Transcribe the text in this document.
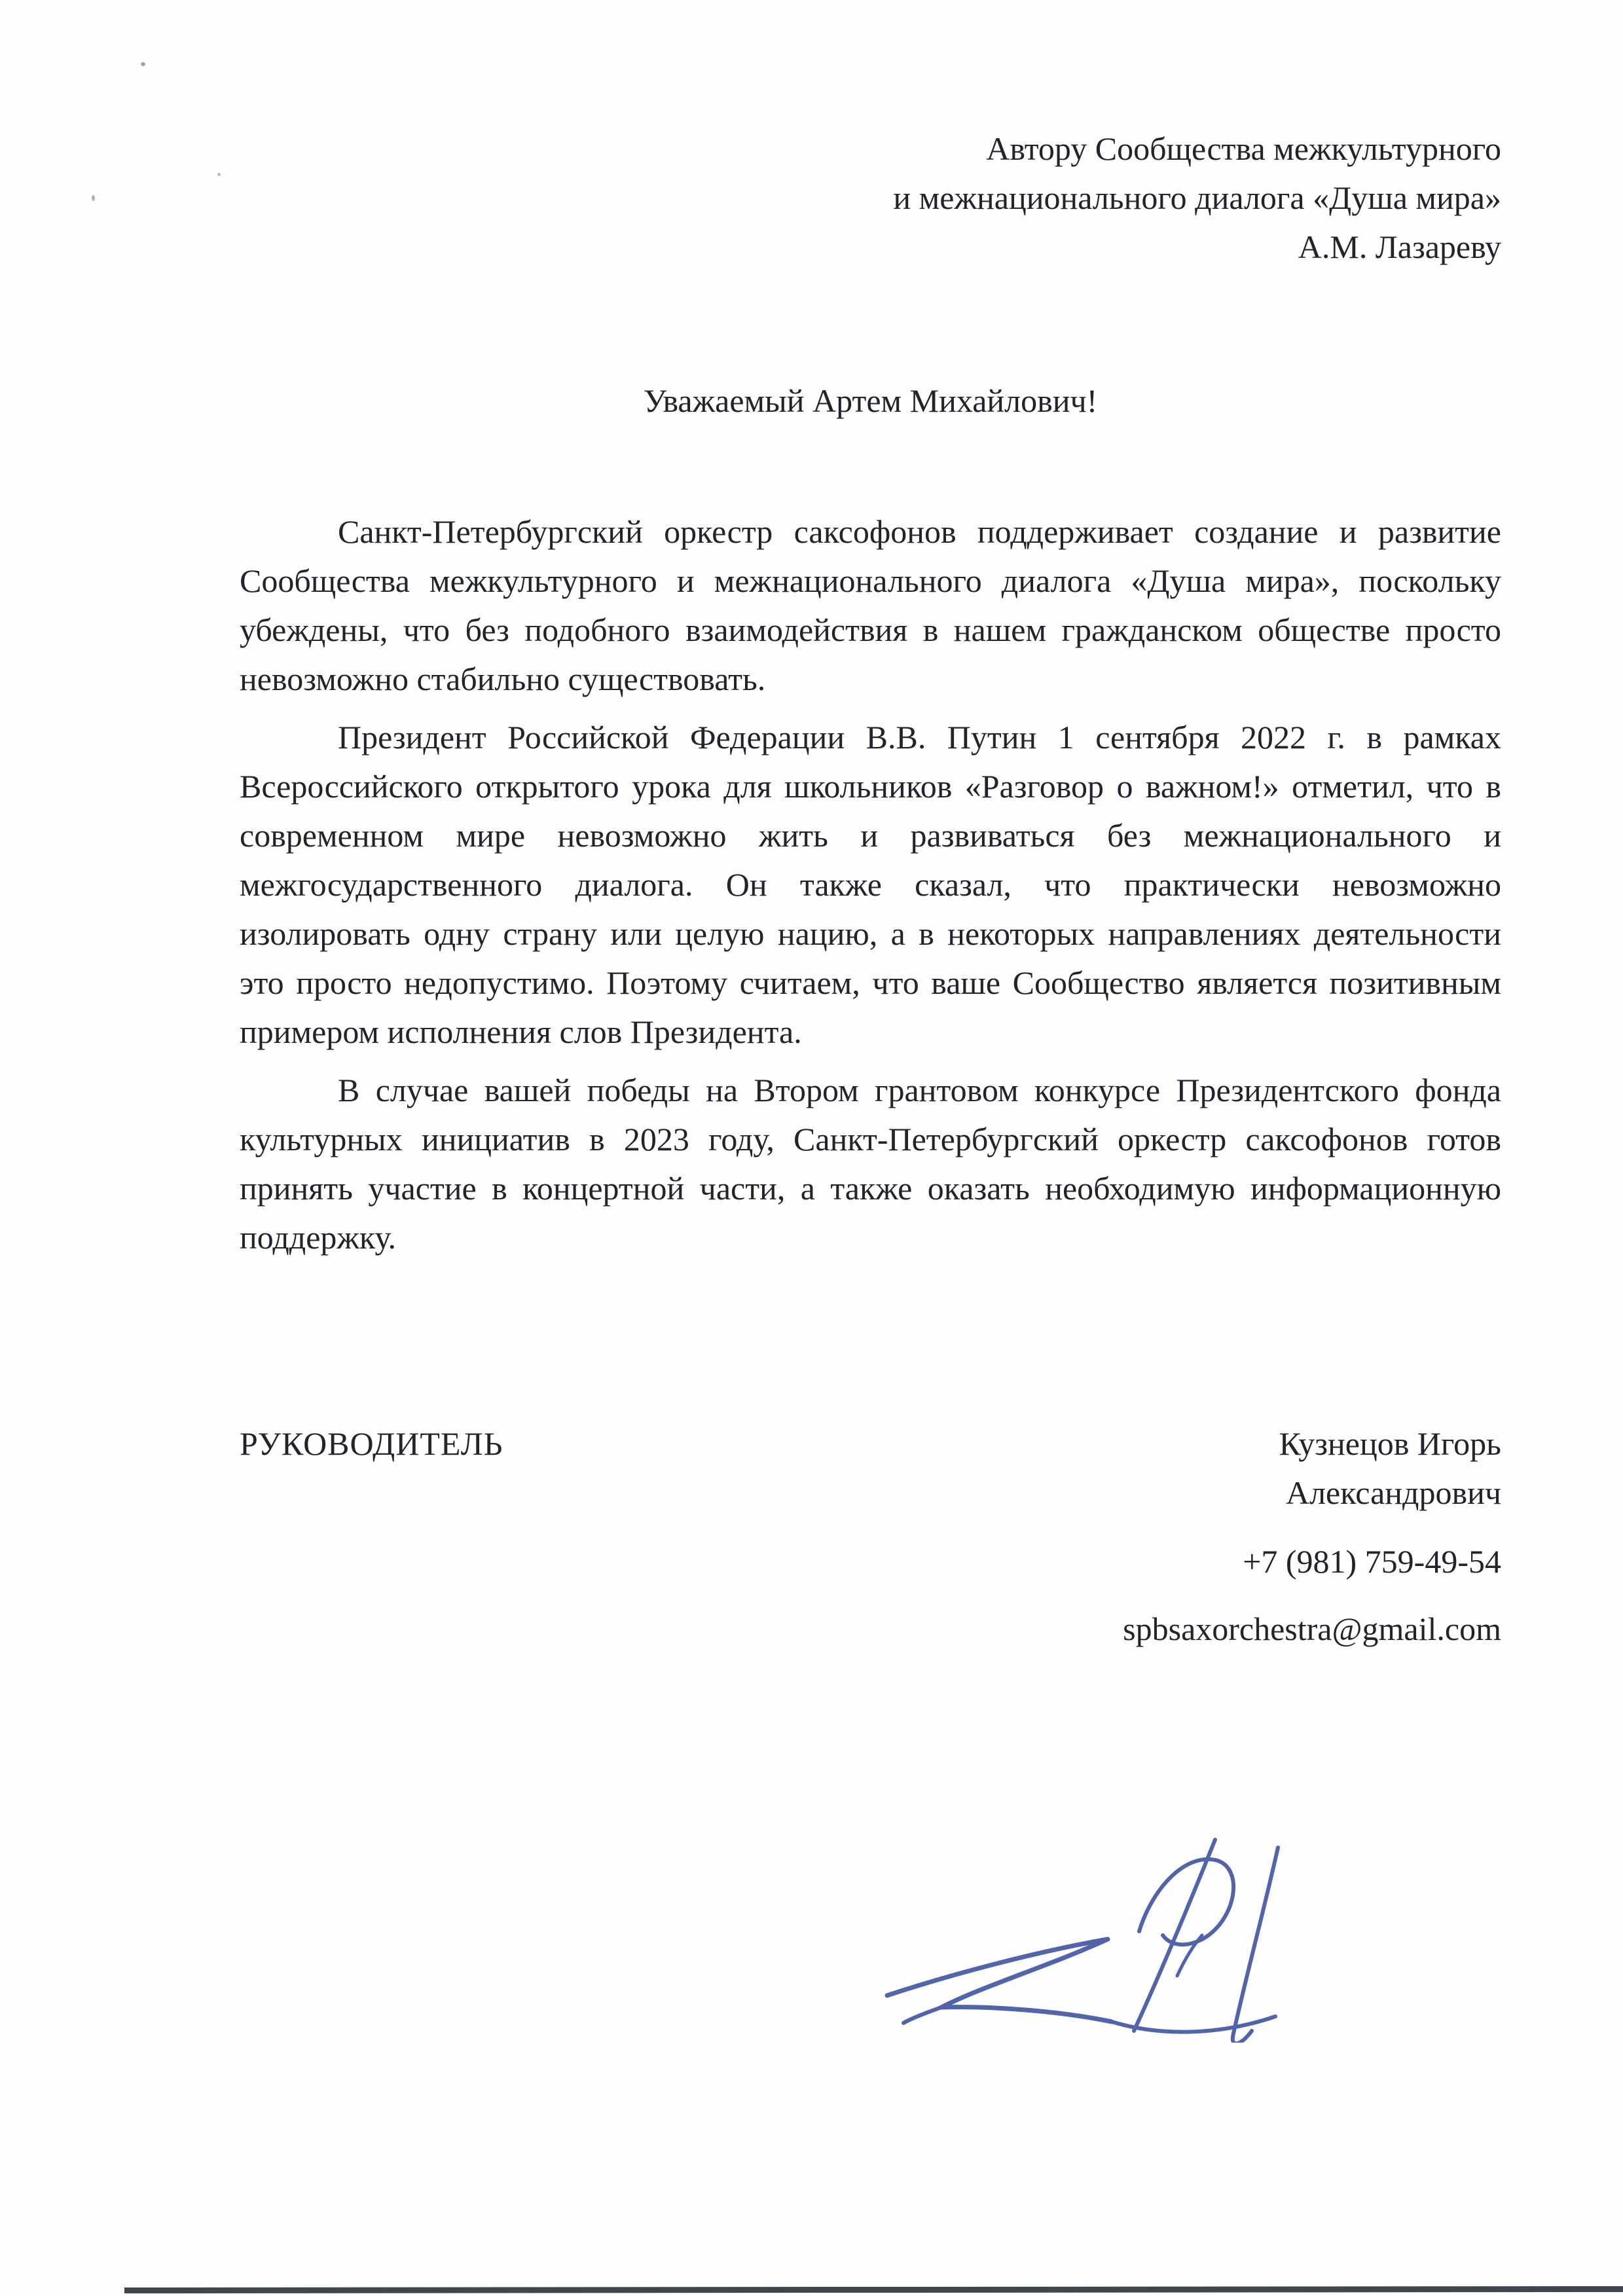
Автору Сообщества межкультурного
и межнационального диалога «Душа мира»
А.М. Лазареву
Уважаемый Артем Михайлович!

Санкт-Петербургский оркестр саксофонов поддерживает создание и развитие Сообщества межкультурного и межнационального диалога «Душа мира», поскольку убеждены, что без подобного взаимодействия в нашем гражданском обществе просто невозможно стабильно существовать.

Президент Российской Федерации В.В. Путин 1 сентября 2022 г. в рамках Всероссийского открытого урока для школьников «Разговор о важном!» отметил, что в современном мире невозможно жить и развиваться без межнационального и межгосударственного диалога. Он также сказал, что практически невозможно изолировать одну страну или целую нацию, а в некоторых направлениях деятельности это просто недопустимо. Поэтому считаем, что ваше Сообщество является позитивным примером исполнения слов Президента.

В случае вашей победы на Втором грантовом конкурсе Президентского фонда культурных инициатив в 2023 году, Санкт-Петербургский оркестр саксофонов готов принять участие в концертной части, а также оказать необходимую информационную поддержку.

РУКОВОДИТЕЛЬ	Кузнецов Игорь
Александрович
+7 (981) 759-49-54
spbsaxorchestra@gmail.com
